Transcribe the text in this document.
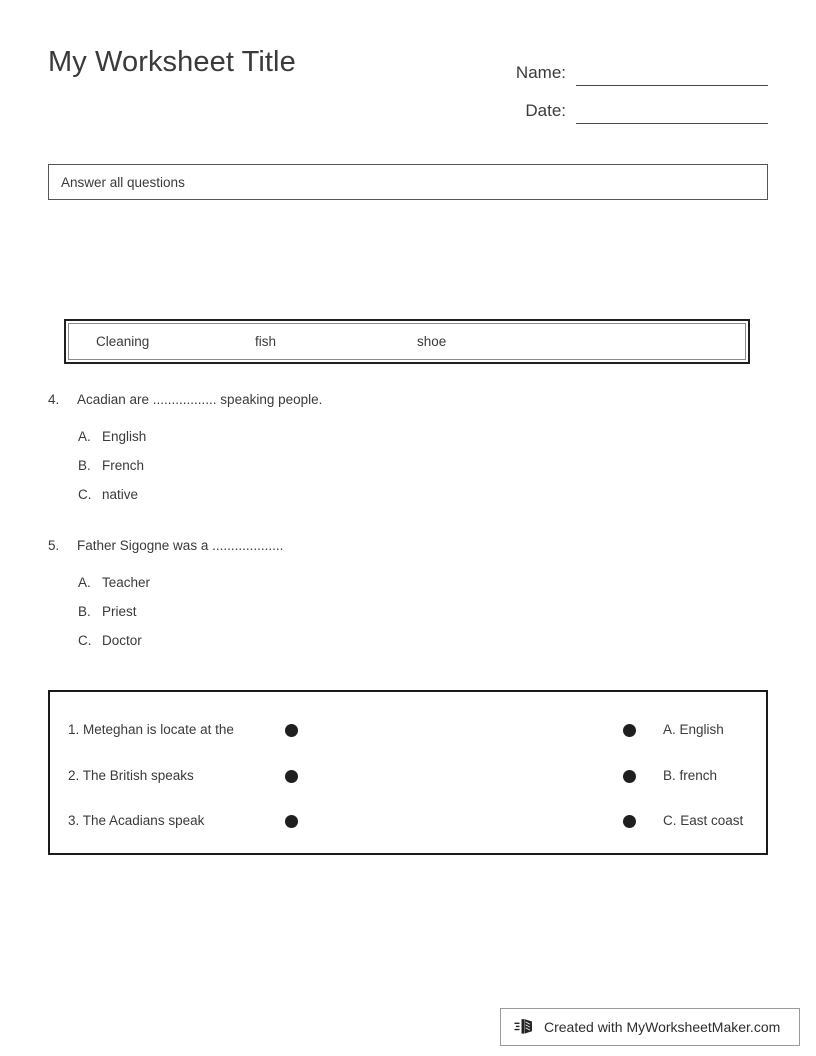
My Worksheet Title	Name:
Date:
Answer all questions
Cleaning	fish	shoe
4.	Acadian are ................. speaking people.
A. English
B. French
C. native
5.	Father Sigogne was a ...................
A. Teacher
B. Priest
C. Doctor
1. Meteghan is locate at the	A. English
2. The British speaks	B. french
3. The Acadians speak	C. East coast
Created with MyWorksheetMaker.com
